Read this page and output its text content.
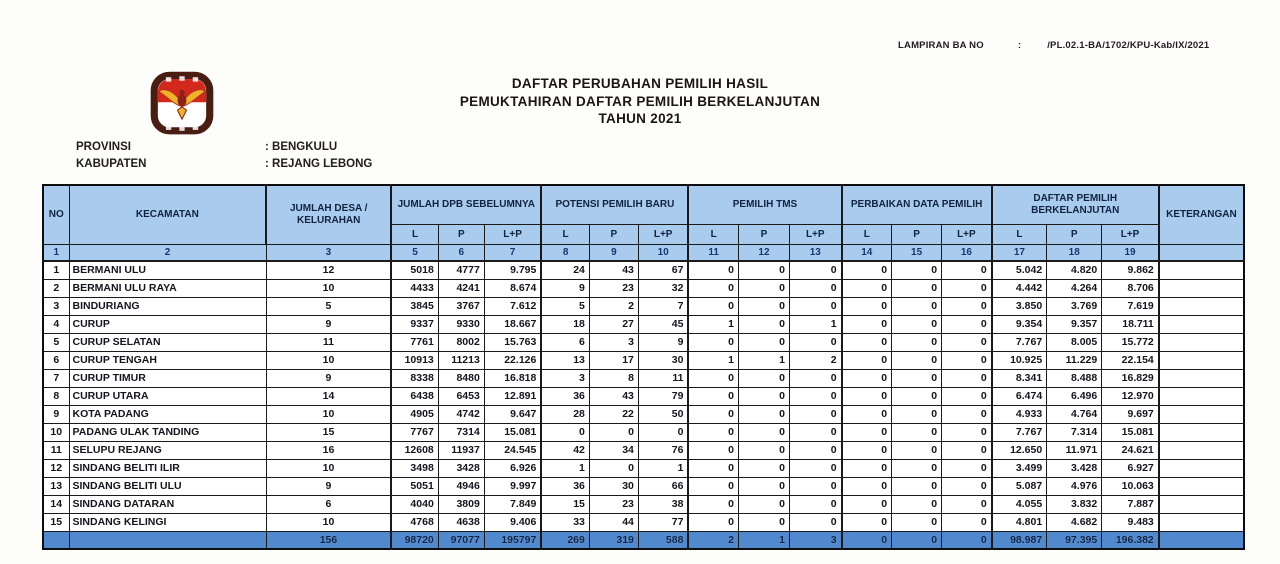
LAMPIRAN BA NO	:	/PL.02.1-BA/1702/KPU-Kab/IX/2021
DAFTAR PERUBAHAN PEMILIH HASIL
PEMUKTAHIRAN DAFTAR PEMILIH BERKELANJUTAN
TAHUN 2021
PROVINSI	: BENGKULU
KABUPATEN	: REJANG LEBONG
NO	KECAMATAN	JUMLAH DESA / KELURAHAN	JUMLAH DPB SEBELUMNYA			POTENSI PEMILIH BARU			PEMILIH TMS			PERBAIKAN DATA PEMILIH			DAFTAR PEMILIH BERKELANJUTAN			KETERANGAN
			L	P	L+P	L	P	L+P	L	P	L+P	L	P	L+P	L	P	L+P	
1	2	3	5	6	7	8	9	10	11	12	13	14	15	16	17	18	19	
1	BERMANI ULU	12	5018	4777	9.795	24	43	67	0	0	0	0	0	0	5.042	4.820	9.862	
2	BERMANI ULU RAYA	10	4433	4241	8.674	9	23	32	0	0	0	0	0	0	4.442	4.264	8.706	
3	BINDURIANG	5	3845	3767	7.612	5	2	7	0	0	0	0	0	0	3.850	3.769	7.619	
4	CURUP	9	9337	9330	18.667	18	27	45	1	0	1	0	0	0	9.354	9.357	18.711	
5	CURUP SELATAN	11	7761	8002	15.763	6	3	9	0	0	0	0	0	0	7.767	8.005	15.772	
6	CURUP TENGAH	10	10913	11213	22.126	13	17	30	1	1	2	0	0	0	10.925	11.229	22.154	
7	CURUP TIMUR	9	8338	8480	16.818	3	8	11	0	0	0	0	0	0	8.341	8.488	16.829	
8	CURUP UTARA	14	6438	6453	12.891	36	43	79	0	0	0	0	0	0	6.474	6.496	12.970	
9	KOTA PADANG	10	4905	4742	9.647	28	22	50	0	0	0	0	0	0	4.933	4.764	9.697	
10	PADANG ULAK TANDING	15	7767	7314	15.081	0	0	0	0	0	0	0	0	0	7.767	7.314	15.081	
11	SELUPU REJANG	16	12608	11937	24.545	42	34	76	0	0	0	0	0	0	12.650	11.971	24.621	
12	SINDANG BELITI ILIR	10	3498	3428	6.926	1	0	1	0	0	0	0	0	0	3.499	3.428	6.927	
13	SINDANG BELITI ULU	9	5051	4946	9.997	36	30	66	0	0	0	0	0	0	5.087	4.976	10.063	
14	SINDANG DATARAN	6	4040	3809	7.849	15	23	38	0	0	0	0	0	0	4.055	3.832	7.887	
15	SINDANG KELINGI	10	4768	4638	9.406	33	44	77	0	0	0	0	0	0	4.801	4.682	9.483	
		156	98720	97077	195797	269	319	588	2	1	3	0	0	0	98.987	97.395	196.382	
